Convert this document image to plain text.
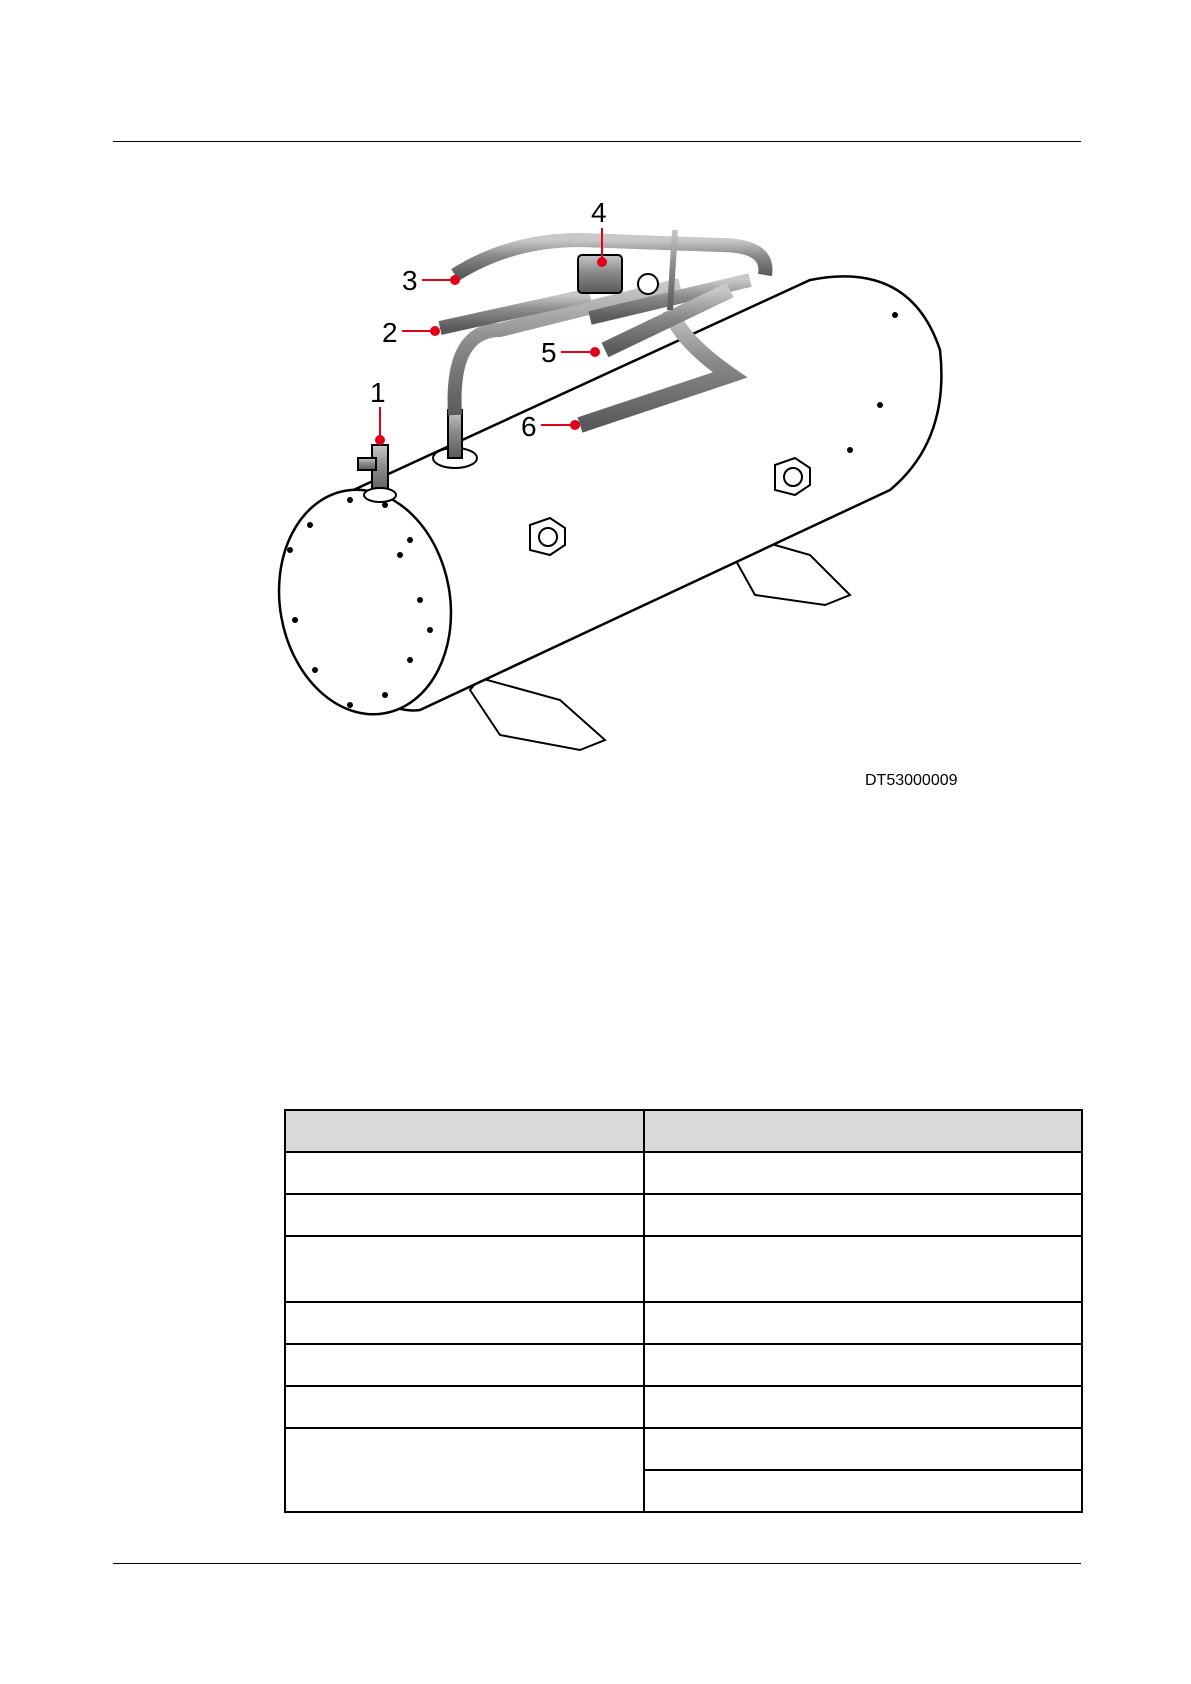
1
2
3
4
5
6
DT53000009
